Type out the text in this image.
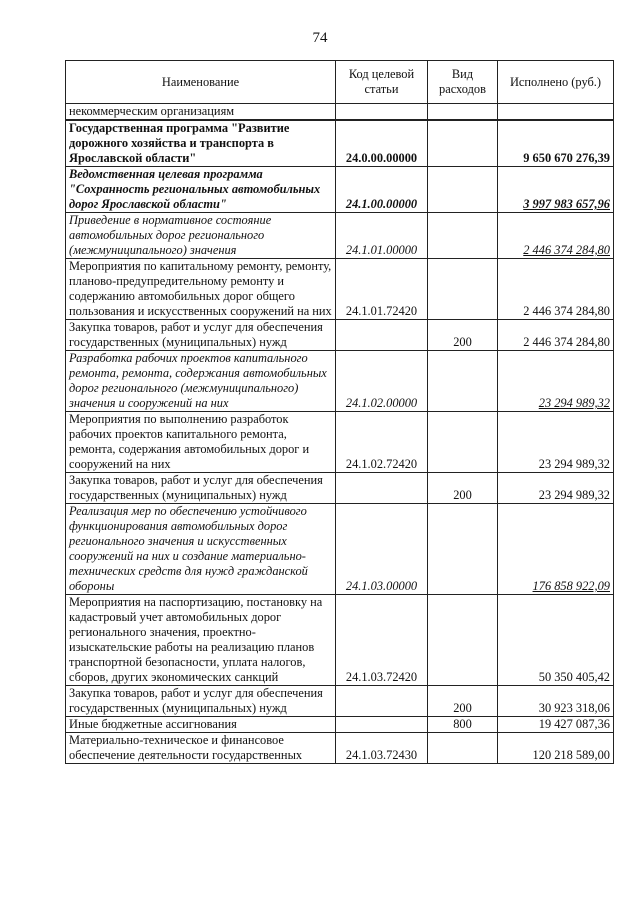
74
Наименование	Код целевой статьи	Вид расходов	Исполнено (руб.)
некоммерческим организациям			
Государственная программа "Развитие дорожного хозяйства и транспорта в Ярославской области"	24.0.00.00000		9 650 670 276,39
Ведомственная целевая программа "Сохранность региональных автомобильных дорог Ярославской области"	24.1.00.00000		3 997 983 657,96
Приведение в нормативное состояние автомобильных дорог регионального (межмуниципального) значения	24.1.01.00000		2 446 374 284,80
Мероприятия по капитальному ремонту, ремонту, планово-предупредительному ремонту и содержанию автомобильных дорог общего пользования и искусственных сооружений на них	24.1.01.72420		2 446 374 284,80
Закупка товаров, работ и услуг для обеспечения государственных (муниципальных) нужд		200	2 446 374 284,80
Разработка рабочих проектов капитального ремонта, ремонта, содержания автомобильных дорог регионального (межмуниципального) значения и сооружений на них	24.1.02.00000		23 294 989,32
Мероприятия по выполнению разработок рабочих проектов капитального ремонта, ремонта, содержания автомобильных дорог и сооружений на них	24.1.02.72420		23 294 989,32
Закупка товаров, работ и услуг для обеспечения государственных (муниципальных) нужд		200	23 294 989,32
Реализация мер по обеспечению устойчивого функционирования автомобильных дорог регионального значения и искусственных сооружений на них и создание материально-технических средств для нужд гражданской обороны	24.1.03.00000		176 858 922,09
Мероприятия на паспортизацию, постановку на кадастровый учет автомобильных дорог регионального значения, проектно-изыскательские работы на реализацию планов транспортной безопасности, уплата налогов, сборов, других экономических санкций	24.1.03.72420		50 350 405,42
Закупка товаров, работ и услуг для обеспечения государственных (муниципальных) нужд		200	30 923 318,06
Иные бюджетные ассигнования		800	19 427 087,36
Материально-техническое и финансовое обеспечение деятельности государственных	24.1.03.72430		120 218 589,00
